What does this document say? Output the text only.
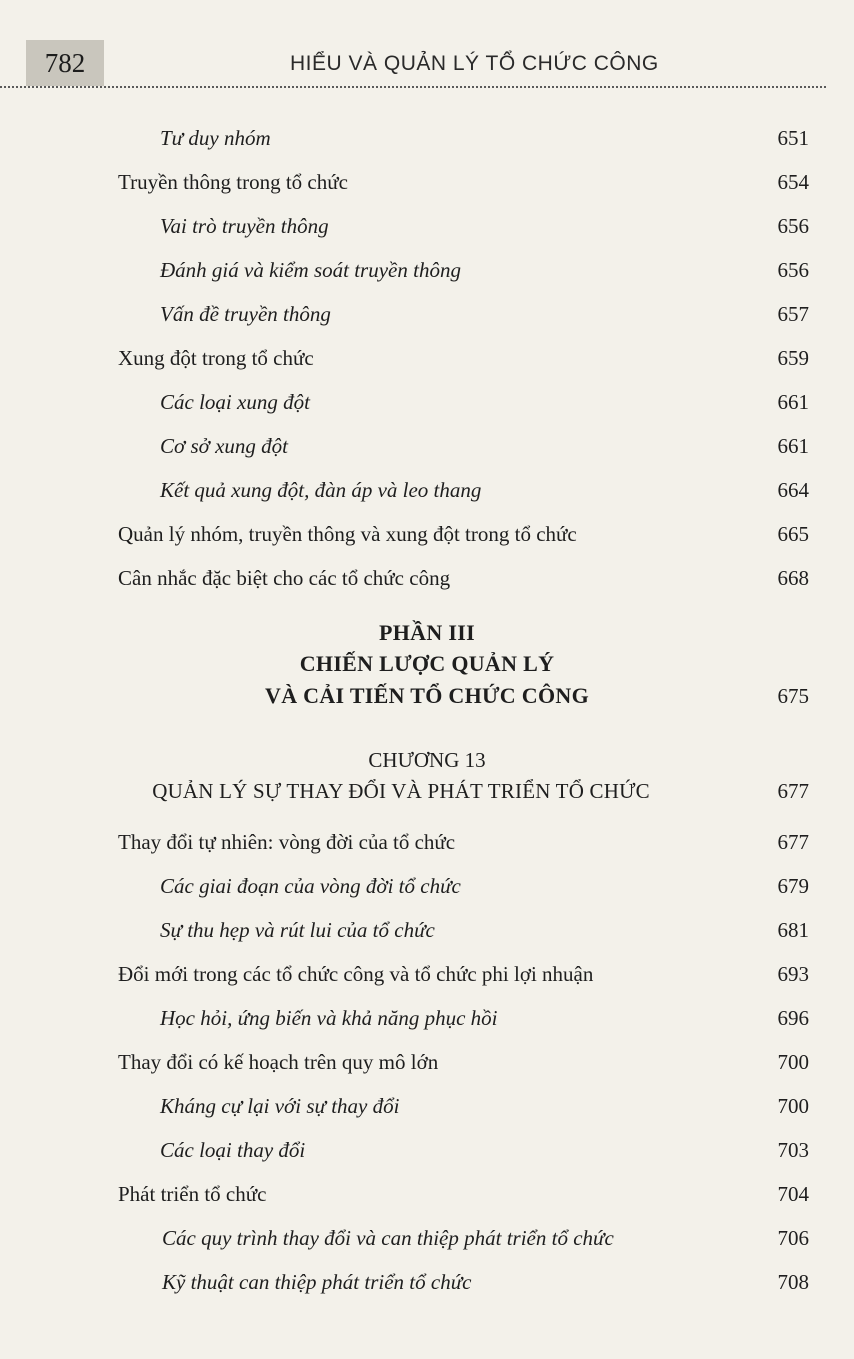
782	HIỂU VÀ QUẢN LÝ TỔ CHỨC CÔNG
Tư duy nhóm	651
Truyền thông trong tổ chức	654
Vai trò truyền thông	656
Đánh giá và kiểm soát truyền thông	656
Vấn đề truyền thông	657
Xung đột trong tổ chức	659
Các loại xung đột	661
Cơ sở xung đột	661
Kết quả xung đột, đàn áp và leo thang	664
Quản lý nhóm, truyền thông và xung đột trong tổ chức	665
Cân nhắc đặc biệt cho các tổ chức công	668
PHẦN III
CHIẾN LƯỢC QUẢN LÝ
VÀ CẢI TIẾN TỔ CHỨC CÔNG	675
CHƯƠNG 13
QUẢN LÝ SỰ THAY ĐỔI VÀ PHÁT TRIỂN TỔ CHỨC	677
Thay đổi tự nhiên: vòng đời của tổ chức	677
Các giai đoạn của vòng đời tổ chức	679
Sự thu hẹp và rút lui của tổ chức	681
Đổi mới trong các tổ chức công và tổ chức phi lợi nhuận	693
Học hỏi, ứng biến và khả năng phục hồi	696
Thay đổi có kế hoạch trên quy mô lớn	700
Kháng cự lại với sự thay đổi	700
Các loại thay đổi	703
Phát triển tổ chức	704
Các quy trình thay đổi và can thiệp phát triển tổ chức	706
Kỹ thuật can thiệp phát triển tổ chức	708
